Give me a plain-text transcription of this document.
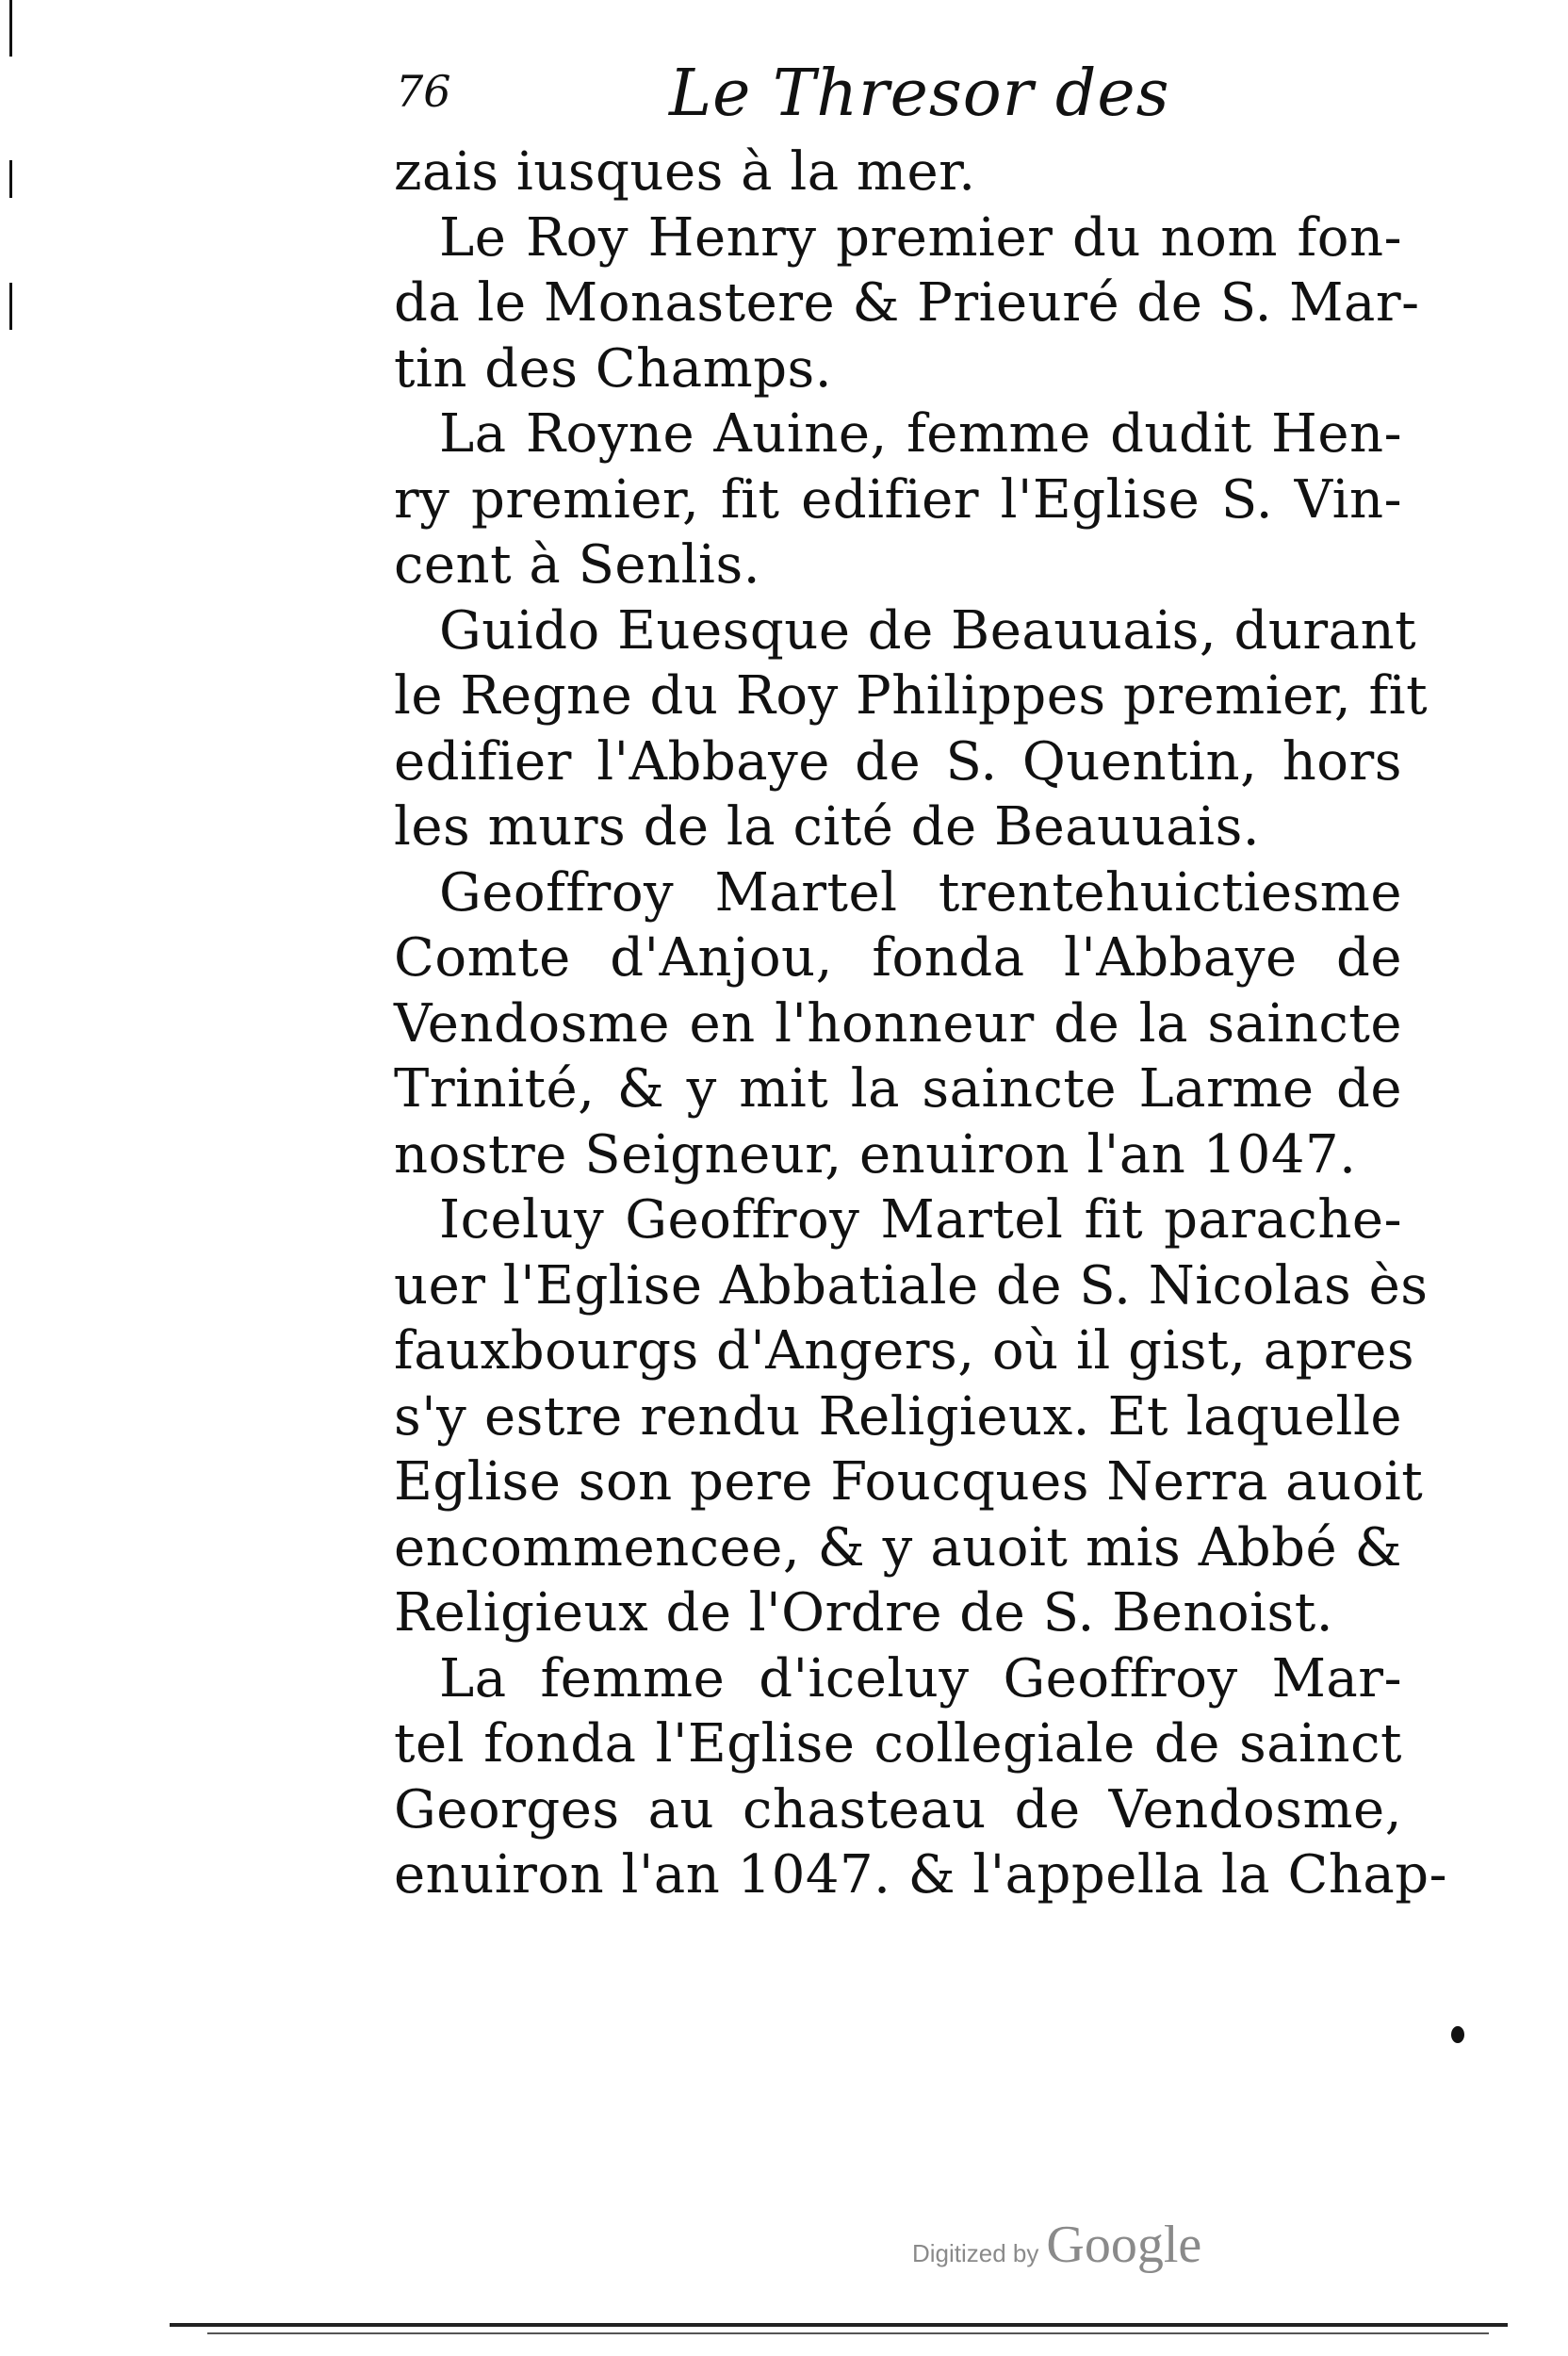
76	Le Thresor des
zais iusques à la mer.
Le Roy Henry premier du nom fon-
da le Monastere & Prieuré de S. Mar-
tin des Champs.
La Royne Auine, femme dudit Hen-
ry premier, fit edifier l'Eglise S. Vin-
cent à Senlis.
Guido Euesque de Beauuais, durant
le Regne du Roy Philippes premier, fit
edifier l'Abbaye de S. Quentin, hors
les murs de la cité de Beauuais.
Geoffroy Martel trentehuictiesme
Comte d'Anjou, fonda l'Abbaye de
Vendosme en l'honneur de la saincte
Trinité, & y mit la saincte Larme de
nostre Seigneur, enuiron l'an 1047.
Iceluy Geoffroy Martel fit parache-
uer l'Eglise Abbatiale de S. Nicolas ès
fauxbourgs d'Angers, où il gist, apres
s'y estre rendu Religieux. Et laquelle
Eglise son pere Foucques Nerra auoit
encommencee, & y auoit mis Abbé &
Religieux de l'Ordre de S. Benoist.
La femme d'iceluy Geoffroy Mar-
tel fonda l'Eglise collegiale de sainct
Georges au chasteau de Vendosme,
enuiron l'an 1047. & l'appella la Chap-
Digitized by Google
